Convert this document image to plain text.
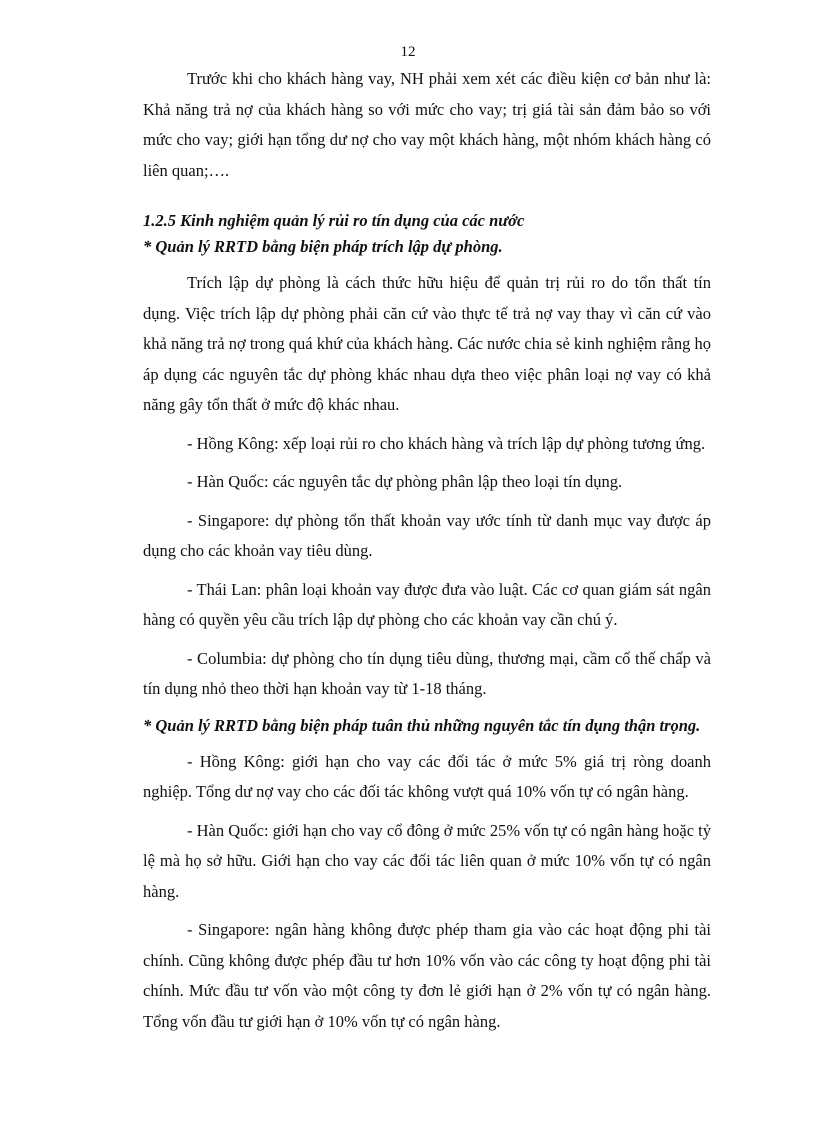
12

Trước khi cho khách hàng vay, NH phải xem xét các điều kiện cơ bản như là: Khả năng trả nợ của khách hàng so với mức cho vay; trị giá tài sản đảm bảo so với mức cho vay; giới hạn tổng dư nợ cho vay một khách hàng, một nhóm khách hàng có liên quan;….

1.2.5 Kinh nghiệm quản lý rủi ro tín dụng của các nước

* Quản lý RRTD bằng biện pháp trích lập dự phòng.

Trích lập dự phòng là cách thức hữu hiệu để quản trị rủi ro do tổn thất tín dụng. Việc trích lập dự phòng phải căn cứ vào thực tế trả nợ vay thay vì căn cứ vào khả năng trả nợ trong quá khứ của khách hàng. Các nước chia sẻ kinh nghiệm rằng họ áp dụng các nguyên tắc dự phòng khác nhau dựa theo việc phân loại nợ vay có khả năng gây tổn thất ở mức độ khác nhau.

- Hồng Kông: xếp loại rủi ro cho khách hàng và trích lập dự phòng tương ứng.

- Hàn Quốc: các nguyên tắc dự phòng phân lập theo loại tín dụng.

- Singapore: dự phòng tổn thất khoản vay ước tính từ danh mục vay được áp dụng cho các khoản vay tiêu dùng.

- Thái Lan: phân loại khoản vay được đưa vào luật. Các cơ quan giám sát ngân hàng có quyền yêu cầu trích lập dự phòng cho các khoản vay cần chú ý.

- Columbia: dự phòng cho tín dụng tiêu dùng, thương mại, cầm cố thế chấp và tín dụng nhỏ theo thời hạn khoản vay từ 1-18 tháng.

* Quản lý RRTD bằng biện pháp tuân thủ những nguyên tắc tín dụng thận trọng.

- Hồng Kông: giới hạn cho vay các đối tác ở mức 5% giá trị ròng doanh nghiệp. Tổng dư nợ vay cho các đối tác không vượt quá 10% vốn tự có ngân hàng.

- Hàn Quốc: giới hạn cho vay cổ đông ở mức 25% vốn tự có ngân hàng hoặc tỷ lệ mà họ sở hữu. Giới hạn cho vay các đối tác liên quan ở mức 10% vốn tự có ngân hàng.

- Singapore: ngân hàng không được phép tham gia vào các hoạt động phi tài chính. Cũng không được phép đầu tư hơn 10% vốn vào các công ty hoạt động phi tài chính. Mức đầu tư vốn vào một công ty đơn lẻ giới hạn ở 2% vốn tự có ngân hàng. Tổng vốn đầu tư giới hạn ở 10% vốn tự có ngân hàng.
